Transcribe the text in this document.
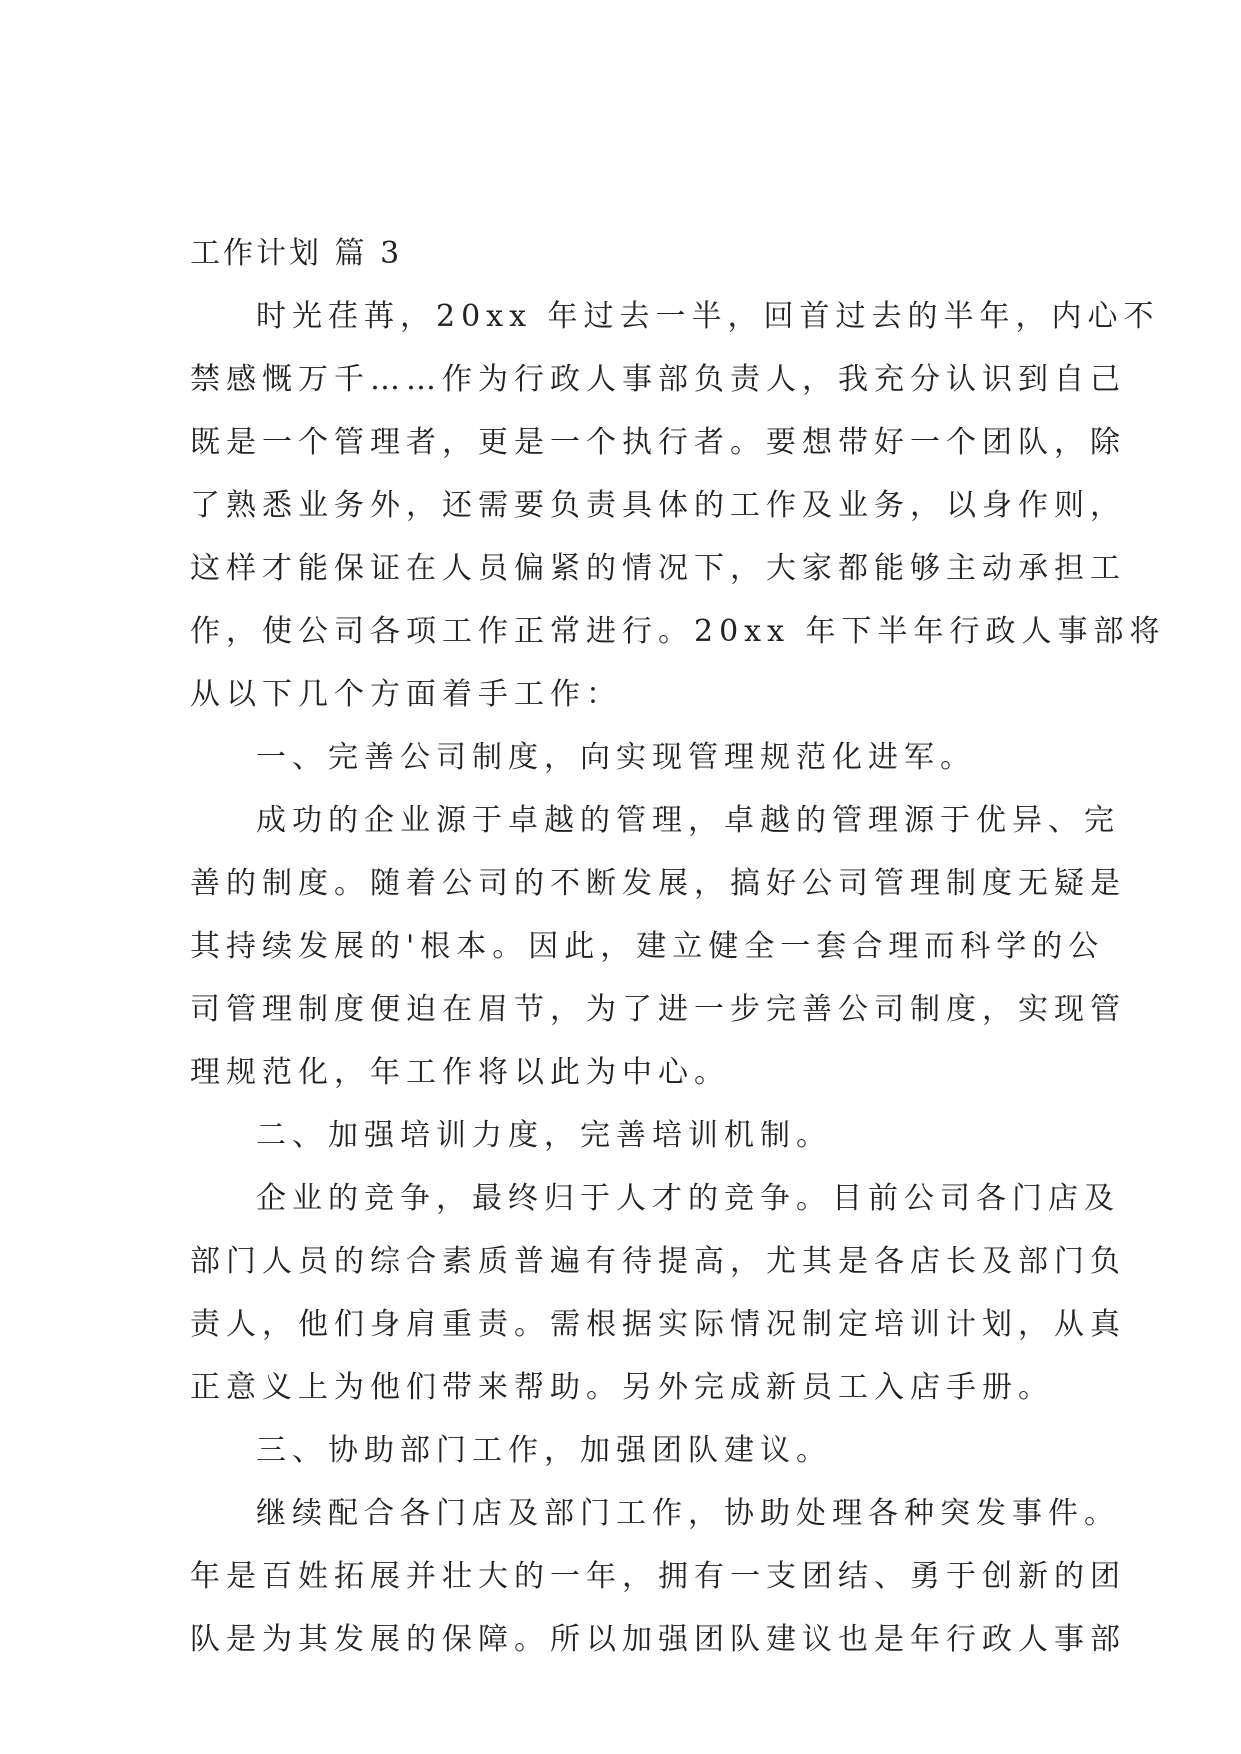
工作计划 篇 3
时光荏苒，20xx 年过去一半，回首过去的半年，内心不
禁感慨万千……作为行政人事部负责人，我充分认识到自己
既是一个管理者，更是一个执行者。要想带好一个团队，除
了熟悉业务外，还需要负责具体的工作及业务，以身作则，
这样才能保证在人员偏紧的情况下，大家都能够主动承担工
作，使公司各项工作正常进行。20xx 年下半年行政人事部将
从以下几个方面着手工作：
一、完善公司制度，向实现管理规范化进军。
成功的企业源于卓越的管理，卓越的管理源于优异、完
善的制度。随着公司的不断发展，搞好公司管理制度无疑是
其持续发展的'根本。因此，建立健全一套合理而科学的公
司管理制度便迫在眉节，为了进一步完善公司制度，实现管
理规范化，年工作将以此为中心。
二、加强培训力度，完善培训机制。
企业的竞争，最终归于人才的竞争。目前公司各门店及
部门人员的综合素质普遍有待提高，尤其是各店长及部门负
责人，他们身肩重责。需根据实际情况制定培训计划，从真
正意义上为他们带来帮助。另外完成新员工入店手册。
三、协助部门工作，加强团队建议。
继续配合各门店及部门工作，协助处理各种突发事件。
年是百姓拓展并壮大的一年，拥有一支团结、勇于创新的团
队是为其发展的保障。所以加强团队建议也是年行政人事部
